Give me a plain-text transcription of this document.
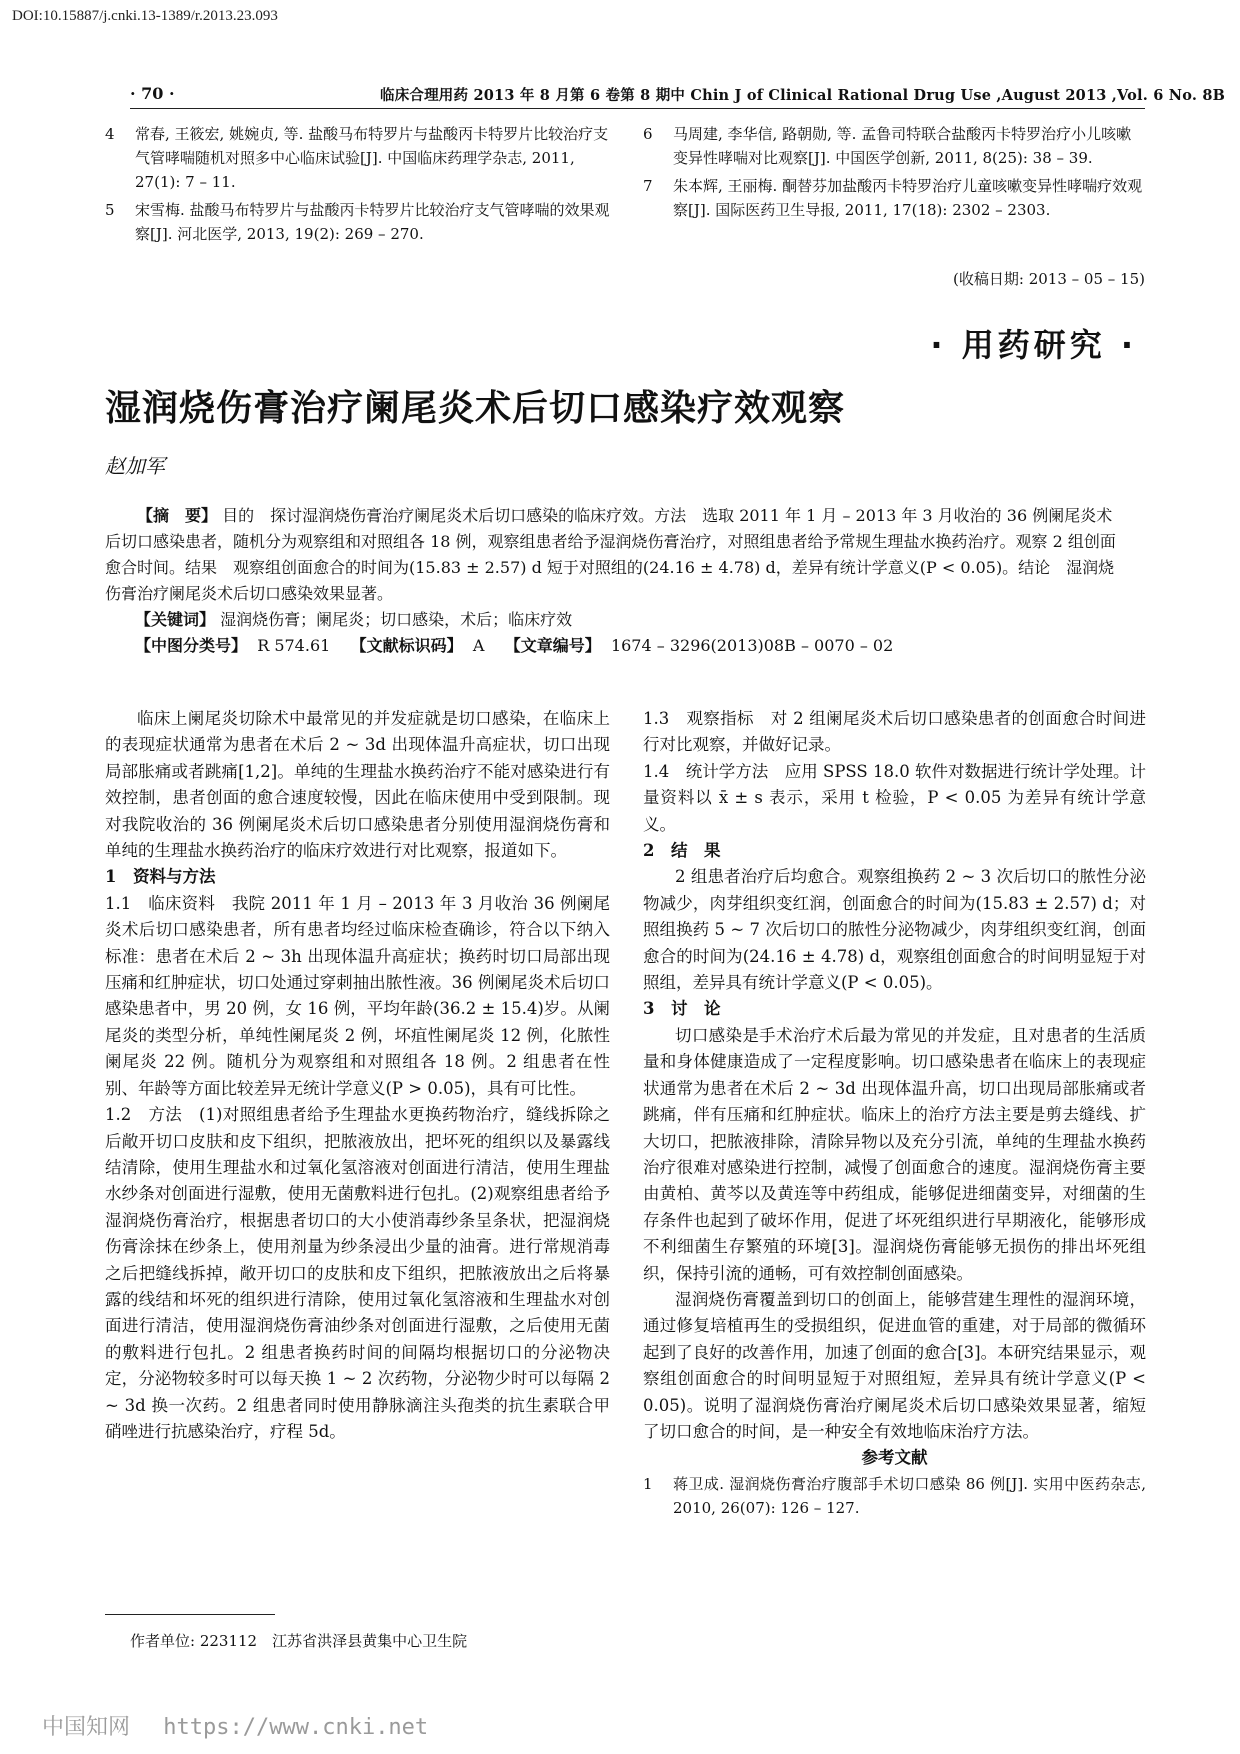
DOI:10.15887/j.cnki.13-1389/r.2013.23.093
· 70 ·	临床合理用药 2013 年 8 月第 6 卷第 8 期中 Chin J of Clinical Rational Drug Use ,August 2013 ,Vol. 6 No. 8B
4	常春, 王筱宏, 姚婉贞, 等. 盐酸马布特罗片与盐酸丙卡特罗片比较治疗支气管哮喘随机对照多中心临床试验[J]. 中国临床药理学杂志, 2011, 27(1): 7 – 11.
5	宋雪梅. 盐酸马布特罗片与盐酸丙卡特罗片比较治疗支气管哮喘的效果观察[J]. 河北医学, 2013, 19(2): 269 – 270.
6	马周建, 李华信, 路朝勋, 等. 孟鲁司特联合盐酸丙卡特罗治疗小儿咳嗽变异性哮喘对比观察[J]. 中国医学创新, 2011, 8(25): 38 – 39.
7	朱本辉, 王丽梅. 酮替芬加盐酸丙卡特罗治疗儿童咳嗽变异性哮喘疗效观察[J]. 国际医药卫生导报, 2011, 17(18): 2302 – 2303.
(收稿日期: 2013 – 05 – 15)
· 用药研究 ·
湿润烧伤膏治疗阑尾炎术后切口感染疗效观察
赵加军

【摘　要】 目的　探讨湿润烧伤膏治疗阑尾炎术后切口感染的临床疗效。方法　选取 2011 年 1 月 – 2013 年 3 月收治的 36 例阑尾炎术后切口感染患者，随机分为观察组和对照组各 18 例，观察组患者给予湿润烧伤膏治疗，对照组患者给予常规生理盐水换药治疗。观察 2 组创面愈合时间。结果　观察组创面愈合的时间为(15.83 ± 2.57) d 短于对照组的(24.16 ± 4.78) d，差异有统计学意义(P < 0.05)。结论　湿润烧伤膏治疗阑尾炎术后切口感染效果显著。

【关键词】 湿润烧伤膏；阑尾炎；切口感染，术后；临床疗效

【中图分类号】 R 574.61 【文献标识码】 A 【文章编号】 1674 – 3296(2013)08B – 0070 – 02

临床上阑尾炎切除术中最常见的并发症就是切口感染，在临床上的表现症状通常为患者在术后 2 ~ 3d 出现体温升高症状，切口出现局部胀痛或者跳痛[1,2]。单纯的生理盐水换药治疗不能对感染进行有效控制，患者创面的愈合速度较慢，因此在临床使用中受到限制。现对我院收治的 36 例阑尾炎术后切口感染患者分别使用湿润烧伤膏和单纯的生理盐水换药治疗的临床疗效进行对比观察，报道如下。

1　资料与方法

1.1　临床资料　我院 2011 年 1 月 – 2013 年 3 月收治 36 例阑尾炎术后切口感染患者，所有患者均经过临床检查确诊，符合以下纳入标准：患者在术后 2 ~ 3h 出现体温升高症状；换药时切口局部出现压痛和红肿症状，切口处通过穿刺抽出脓性液。36 例阑尾炎术后切口感染患者中，男 20 例，女 16 例，平均年龄(36.2 ± 15.4)岁。从阑尾炎的类型分析，单纯性阑尾炎 2 例，坏疽性阑尾炎 12 例，化脓性阑尾炎 22 例。随机分为观察组和对照组各 18 例。2 组患者在性别、年龄等方面比较差异无统计学意义(P > 0.05)，具有可比性。

1.2　方法　(1)对照组患者给予生理盐水更换药物治疗，缝线拆除之后敞开切口皮肤和皮下组织，把脓液放出，把坏死的组织以及暴露线结清除，使用生理盐水和过氧化氢溶液对创面进行清洁，使用生理盐水纱条对创面进行湿敷，使用无菌敷料进行包扎。(2)观察组患者给予湿润烧伤膏治疗，根据患者切口的大小使消毒纱条呈条状，把湿润烧伤膏涂抹在纱条上，使用剂量为纱条浸出少量的油膏。进行常规消毒之后把缝线拆掉，敞开切口的皮肤和皮下组织，把脓液放出之后将暴露的线结和坏死的组织进行清除，使用过氧化氢溶液和生理盐水对创面进行清洁，使用湿润烧伤膏油纱条对创面进行湿敷，之后使用无菌的敷料进行包扎。2 组患者换药时间的间隔均根据切口的分泌物决定，分泌物较多时可以每天换 1 ~ 2 次药物，分泌物少时可以每隔 2 ~ 3d 换一次药。2 组患者同时使用静脉滴注头孢类的抗生素联合甲硝唑进行抗感染治疗，疗程 5d。

1.3　观察指标　对 2 组阑尾炎术后切口感染患者的创面愈合时间进行对比观察，并做好记录。

1.4　统计学方法　应用 SPSS 18.0 软件对数据进行统计学处理。计量资料以 x̄ ± s 表示，采用 t 检验，P < 0.05 为差异有统计学意义。

2　结　果

2 组患者治疗后均愈合。观察组换药 2 ~ 3 次后切口的脓性分泌物减少，肉芽组织变红润，创面愈合的时间为(15.83 ± 2.57) d；对照组换药 5 ~ 7 次后切口的脓性分泌物减少，肉芽组织变红润，创面愈合的时间为(24.16 ± 4.78) d，观察组创面愈合的时间明显短于对照组，差异具有统计学意义(P < 0.05)。

3　讨　论

切口感染是手术治疗术后最为常见的并发症，且对患者的生活质量和身体健康造成了一定程度影响。切口感染患者在临床上的表现症状通常为患者在术后 2 ~ 3d 出现体温升高，切口出现局部胀痛或者跳痛，伴有压痛和红肿症状。临床上的治疗方法主要是剪去缝线、扩大切口，把脓液排除，清除异物以及充分引流，单纯的生理盐水换药治疗很难对感染进行控制，减慢了创面愈合的速度。湿润烧伤膏主要由黄柏、黄芩以及黄连等中药组成，能够促进细菌变异，对细菌的生存条件也起到了破坏作用，促进了坏死组织进行早期液化，能够形成不利细菌生存繁殖的环境[3]。湿润烧伤膏能够无损伤的排出坏死组织，保持引流的通畅，可有效控制创面感染。

湿润烧伤膏覆盖到切口的创面上，能够营建生理性的湿润环境，通过修复培植再生的受损组织，促进血管的重建，对于局部的微循环起到了良好的改善作用，加速了创面的愈合[3]。本研究结果显示，观察组创面愈合的时间明显短于对照组短，差异具有统计学意义(P < 0.05)。说明了湿润烧伤膏治疗阑尾炎术后切口感染效果显著，缩短了切口愈合的时间，是一种安全有效地临床治疗方法。

参考文献

1	蒋卫成. 湿润烧伤膏治疗腹部手术切口感染 86 例[J]. 实用中医药杂志, 2010, 26(07): 126 – 127.
作者单位: 223112　江苏省洪泽县黄集中心卫生院
中国知网 https://www.cnki.net
